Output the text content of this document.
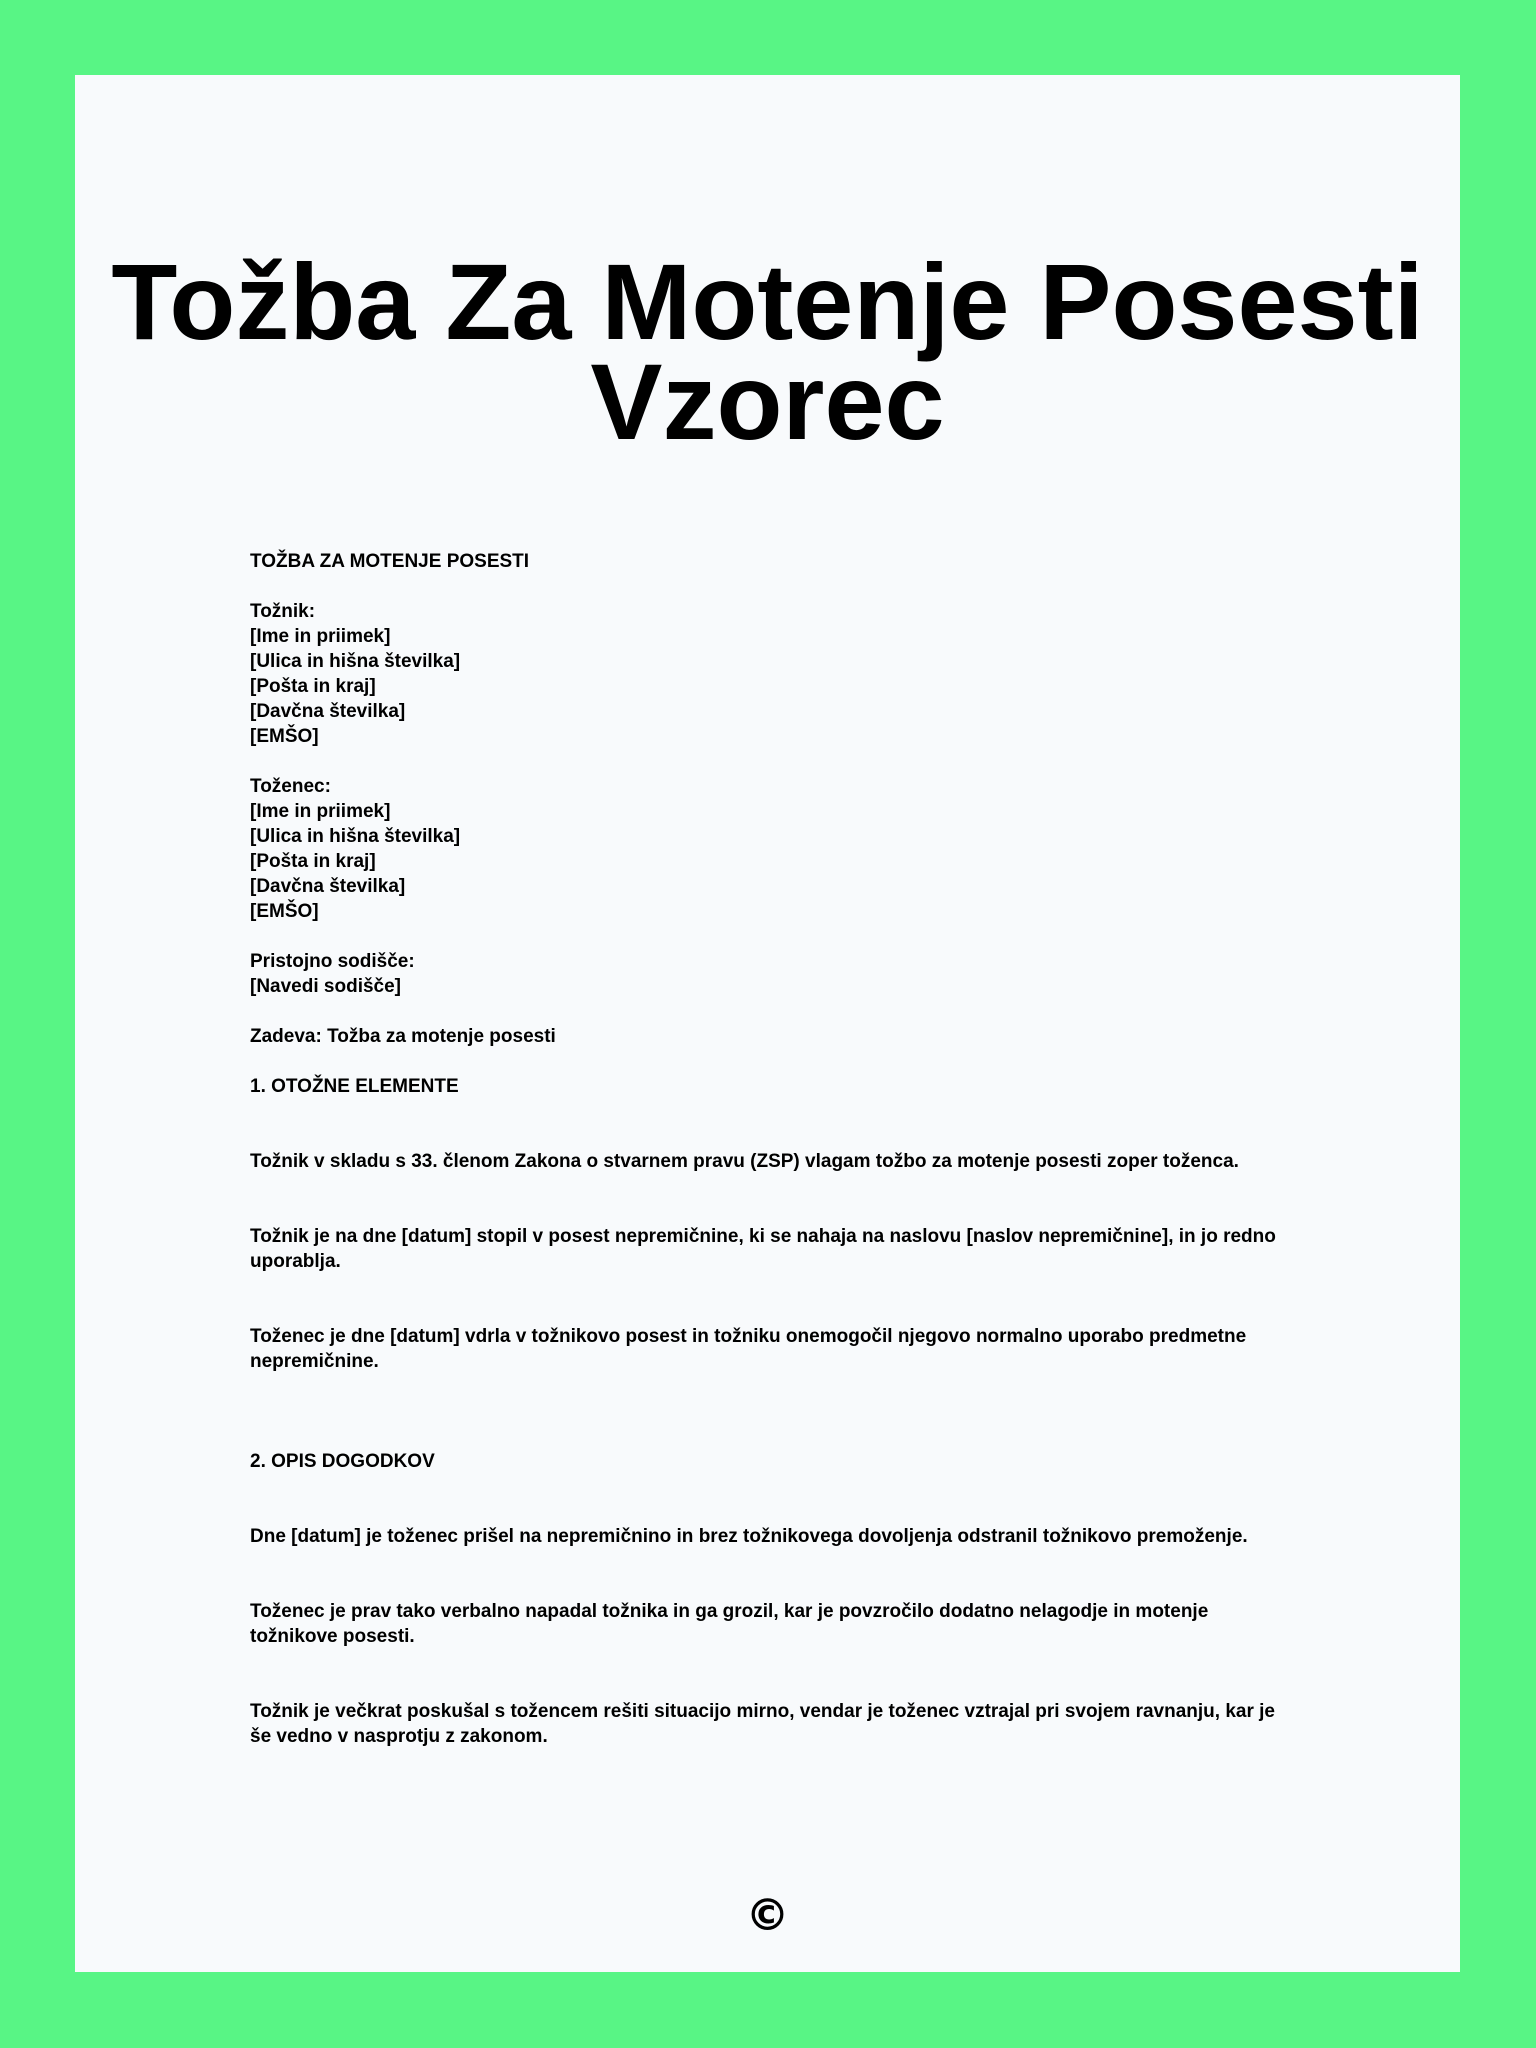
Tožba Za Motenje Posesti
Vzorec
TOŽBA ZA MOTENJE POSESTI
Tožnik:
[Ime in priimek]
[Ulica in hišna številka]
[Pošta in kraj]
[Davčna številka]
[EMŠO]
Toženec:
[Ime in priimek]
[Ulica in hišna številka]
[Pošta in kraj]
[Davčna številka]
[EMŠO]
Pristojno sodišče:
[Navedi sodišče]
Zadeva: Tožba za motenje posesti
1. OTOŽNE ELEMENTE
Tožnik v skladu s 33. členom Zakona o stvarnem pravu (ZSP) vlagam tožbo za motenje posesti zoper toženca.
Tožnik je na dne [datum] stopil v posest nepremičnine, ki se nahaja na naslovu [naslov nepremičnine], in jo redno uporablja.
Toženec je dne [datum] vdrla v tožnikovo posest in tožniku onemogočil njegovo normalno uporabo predmetne nepremičnine.
2. OPIS DOGODKOV
Dne [datum] je toženec prišel na nepremičnino in brez tožnikovega dovoljenja odstranil tožnikovo premoženje.
Toženec je prav tako verbalno napadal tožnika in ga grozil, kar je povzročilo dodatno nelagodje in motenje tožnikove posesti.
Tožnik je večkrat poskušal s tožencem rešiti situacijo mirno, vendar je toženec vztrajal pri svojem ravnanju, kar je še vedno v nasprotju z zakonom.
©
